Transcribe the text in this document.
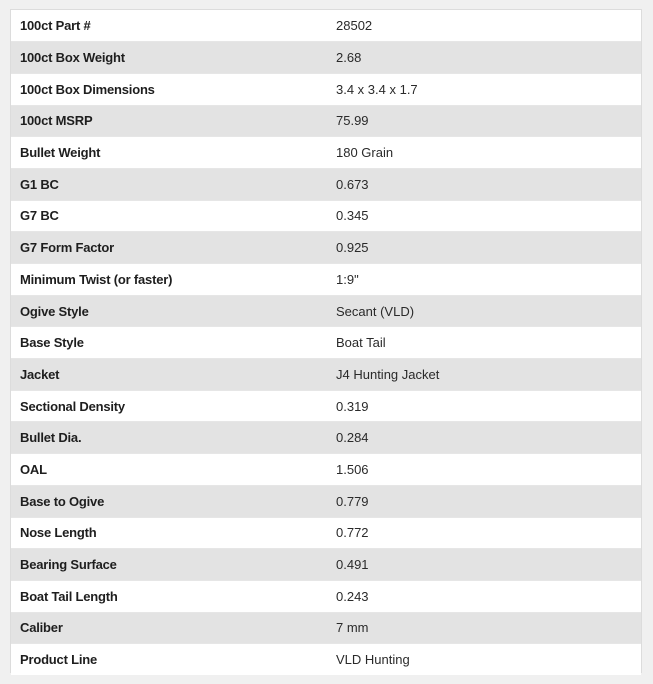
100ct Part #	28502
100ct Box Weight	2.68
100ct Box Dimensions	3.4 x 3.4 x 1.7
100ct MSRP	75.99
Bullet Weight	180 Grain
G1 BC	0.673
G7 BC	0.345
G7 Form Factor	0.925
Minimum Twist (or faster)	1:9"
Ogive Style	Secant (VLD)
Base Style	Boat Tail
Jacket	J4 Hunting Jacket
Sectional Density	0.319
Bullet Dia.	0.284
OAL	1.506
Base to Ogive	0.779
Nose Length	0.772
Bearing Surface	0.491
Boat Tail Length	0.243
Caliber	7 mm
Product Line	VLD Hunting
